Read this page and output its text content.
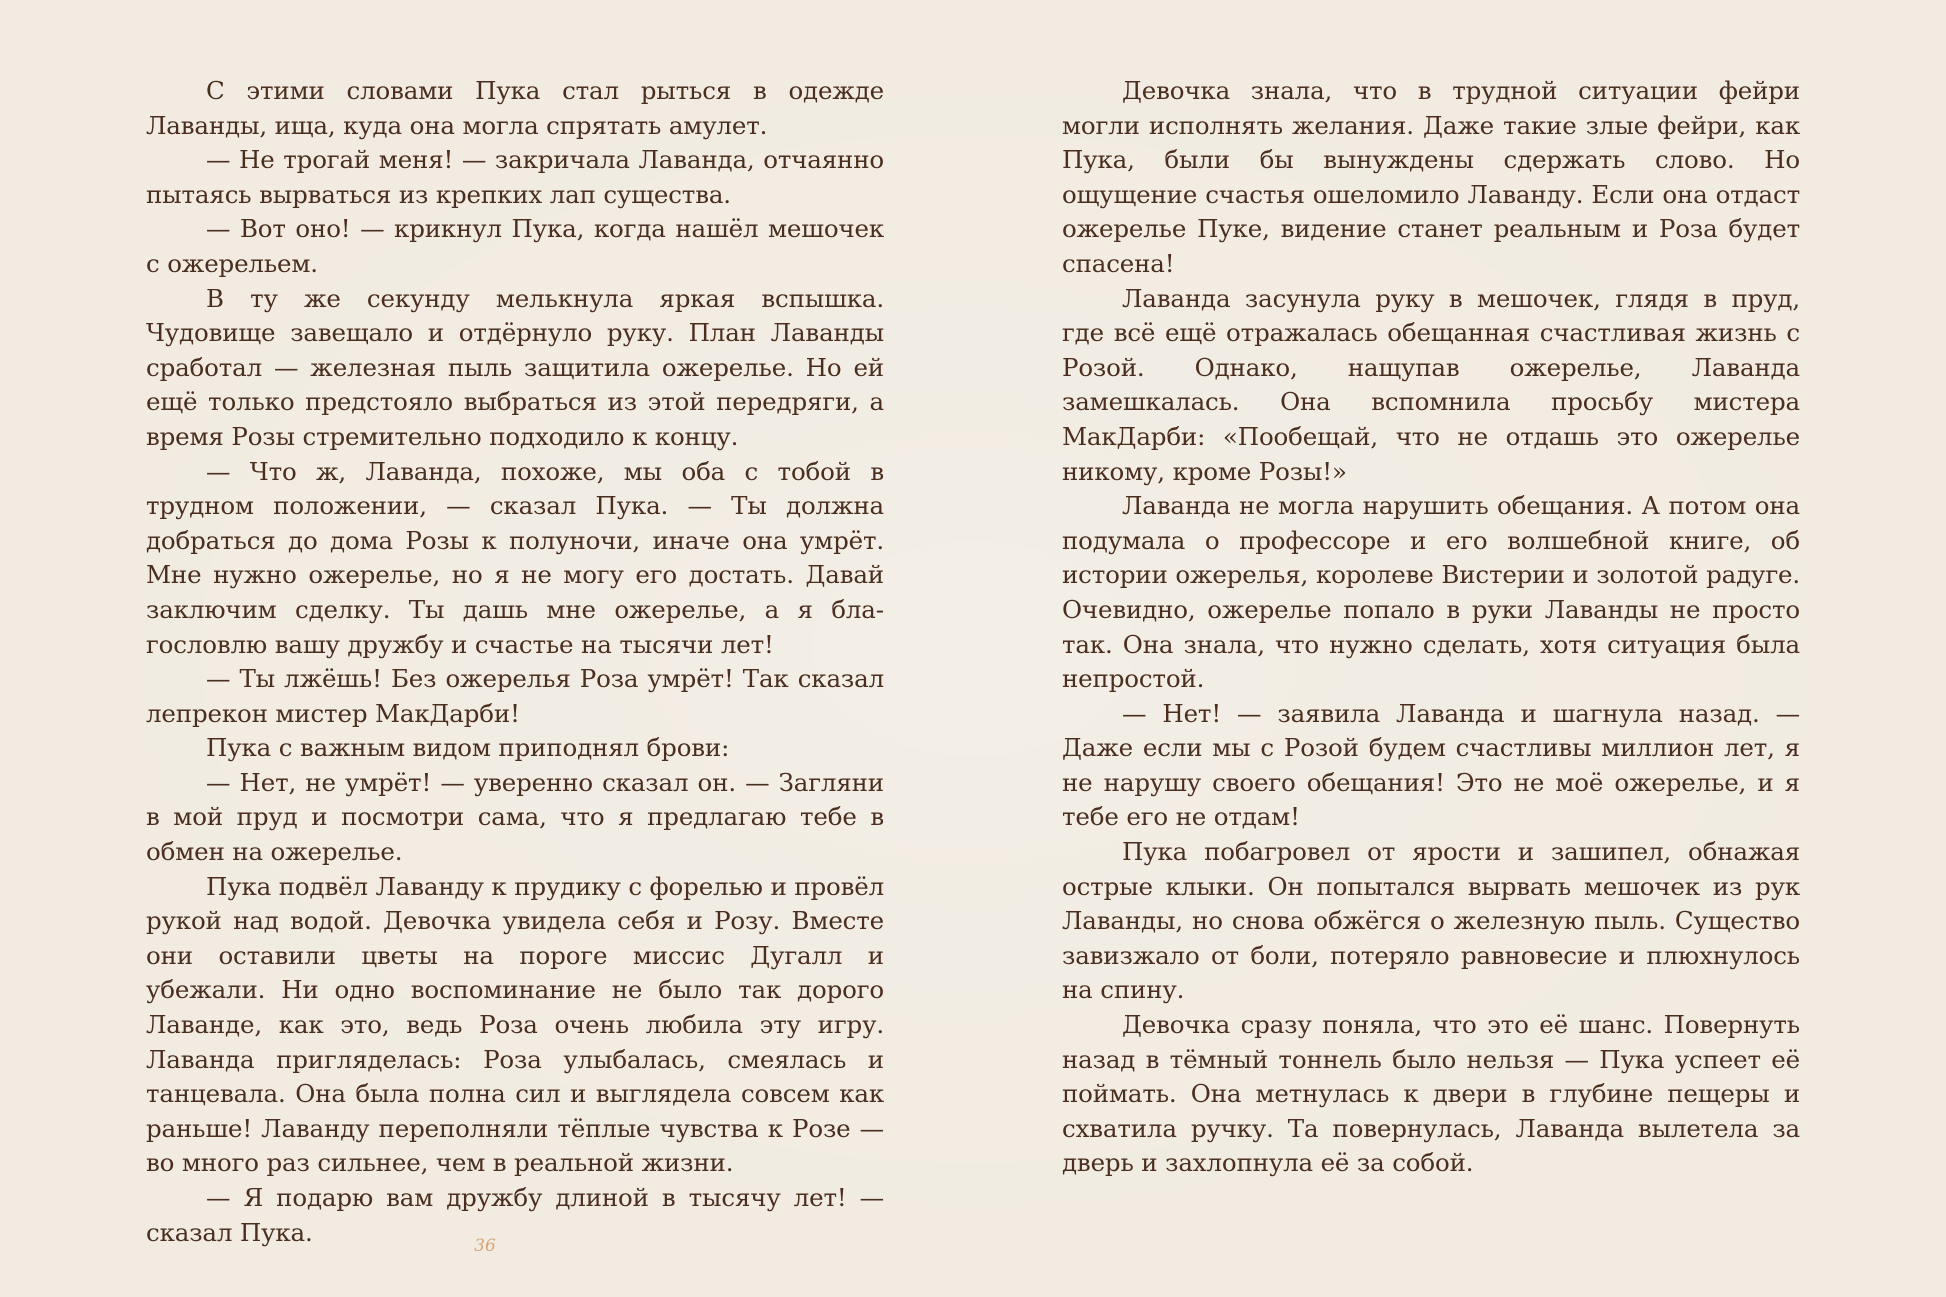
С этими словами Пука стал рыться в одежде Лаванды, ища, куда она могла спрятать амулет.

— Не трогай меня! — закричала Лаванда, отчаянно пытаясь вырваться из крепких лап существа.

— Вот оно! — крикнул Пука, когда нашёл мешочек с ожерельем.

В ту же секунду мелькнула яркая вспышка. Чудовище завещало и отдёрнуло руку. План Лаванды сработал — железная пыль защитила ожерелье. Но ей ещё только предстояло выбраться из этой передряги, а время Розы стремительно подходило к концу.

— Что ж, Лаванда, похоже, мы оба с тобой в трудном положении, — сказал Пука. — Ты должна добраться до дома Розы к полуночи, иначе она умрёт. Мне нужно ожерелье, но я не могу его достать. Давай заключим сделку. Ты дашь мне ожерелье, а я благословлю вашу дружбу и счастье на тысячи лет!

— Ты лжёшь! Без ожерелья Роза умрёт! Так сказал лепрекон мистер МакДарби!

Пука с важным видом приподнял брови:

— Нет, не умрёт! — уверенно сказал он. — Загляни в мой пруд и посмотри сама, что я предлагаю тебе в обмен на ожерелье.

Пука подвёл Лаванду к прудику с форелью и провёл рукой над водой. Девочка увидела себя и Розу. Вместе они оставили цветы на пороге миссис Дугалл и убежали. Ни одно воспоминание не было так дорого Лаванде, как это, ведь Роза очень любила эту игру. Лаванда пригляделась: Роза улыбалась, смеялась и танцевала. Она была полна сил и выглядела совсем как раньше! Лаванду переполняли тёплые чувства к Розе — во много раз сильнее, чем в реальной жизни.

— Я подарю вам дружбу длиной в тысячу лет! — сказал Пука.	36

Девочка знала, что в трудной ситуации фейри могли исполнять желания. Даже такие злые фейри, как Пука, были бы вынуждены сдержать слово. Но ощущение счастья ошеломило Лаванду. Если она отдаст ожерелье Пуке, видение станет реальным и Роза будет спасена!

Лаванда засунула руку в мешочек, глядя в пруд, где всё ещё отражалась обещанная счастливая жизнь с Розой. Однако, нащупав ожерелье, Лаванда замешкалась. Она вспомнила просьбу мистера МакДарби: «Пообещай, что не отдашь это ожерелье никому, кроме Розы!»

Лаванда не могла нарушить обещания. А потом она подумала о профессоре и его волшебной книге, об истории ожерелья, королеве Вистерии и золотой радуге. Очевидно, ожерелье попало в руки Лаванды не просто так. Она знала, что нужно сделать, хотя ситуация была непростой.

— Нет! — заявила Лаванда и шагнула назад. — Даже если мы с Розой будем счастливы миллион лет, я не нарушу своего обещания! Это не моё ожерелье, и я тебе его не отдам!

Пука побагровел от ярости и зашипел, обнажая острые клыки. Он попытался вырвать мешочек из рук Лаванды, но снова обжёгся о железную пыль. Существо завизжало от боли, потеряло равновесие и плюхнулось на спину.

Девочка сразу поняла, что это её шанс. Повернуть назад в тёмный тоннель было нельзя — Пука успеет её поймать. Она метнулась к двери в глубине пещеры и схватила ручку. Та повернулась, Лаванда вылетела за дверь и захлопнула её за собой.
